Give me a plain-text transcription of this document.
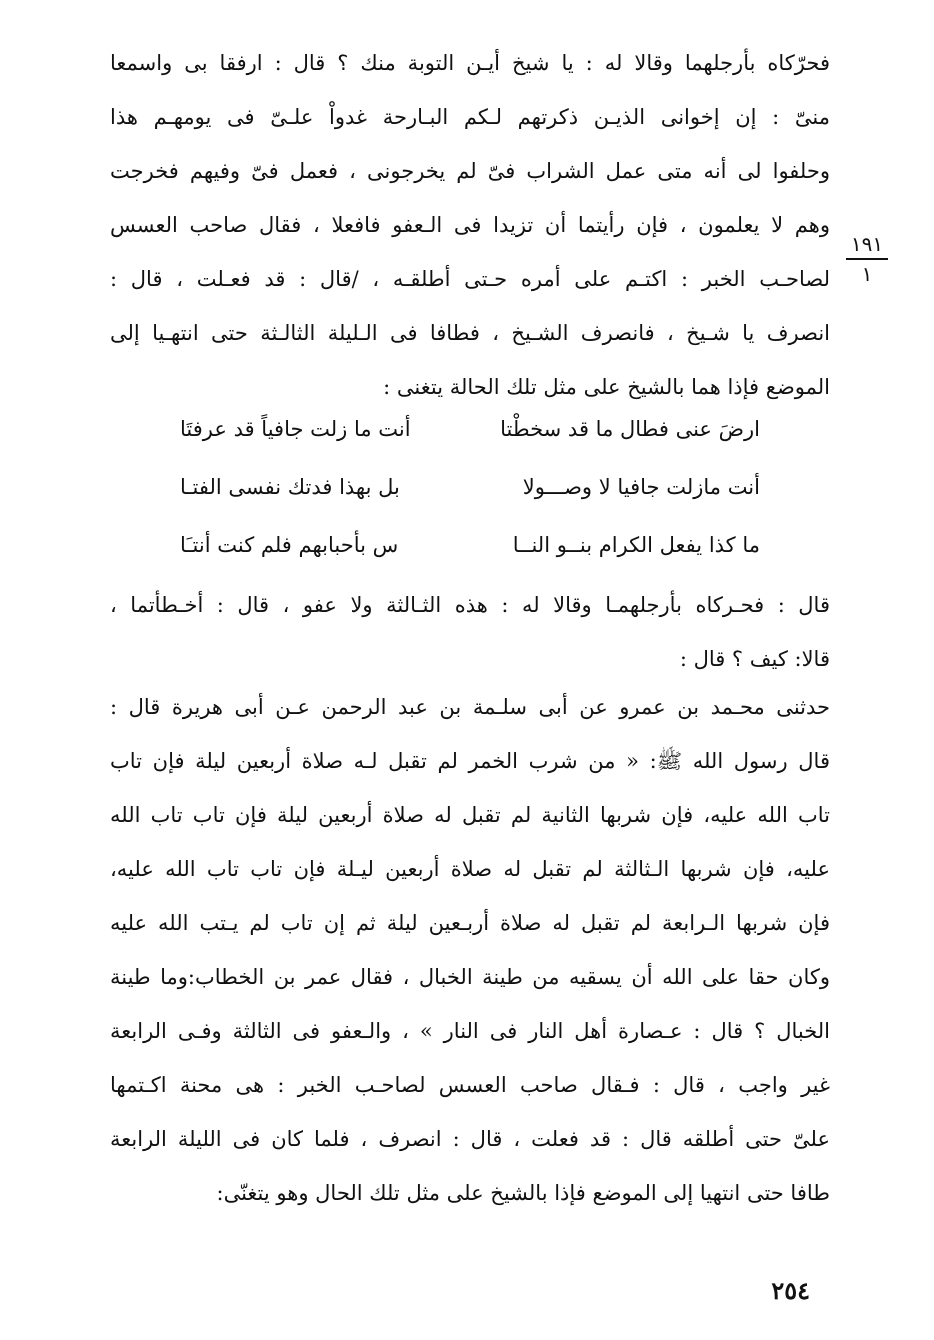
فحرّكاه بأرجلهما وقالا له : يا شيخ أيـن التوبة منك ؟ قال : ارفقا بى واسمعا
منىّ : إن إخوانى الذيـن ذكرتهم لـكم البـارحة غدواْ علـىّ فى يومهـم هذا
وحلفوا لى أنه متى عمل الشراب فىّ لم يخرجونى ، فعمل فىّ وفيهم فخرجت
وهم لا يعلمون ، فإن رأيتما أن تزيدا فى الـعفو فافعلا ، فقال صاحب العسس
لصاحـب الخبر : اكتـم على أمره حـتى أطلقـه ، /قال : قد فعـلت ، قال :
انصرف يا شـيخ ، فانصرف الشـيخ ، فطافا فى الـليلة الثالـثة حتى انتهـيا إلى
الموضع فإذا هما بالشيخ على مثل تلك الحالة يتغنى :
١٩١
١
ارضَ عنى فطال ما قد سخطْتا
أنت ما زلت جافياً قد عرفتَا
أنت مازلت جافيا لا وصـــولا
بل بهذا فدتك نفسى الفتـا
ما كذا يفعل الكرام بنــو النــا
س بأحبابهم فلم كنت أنتـَا
قال : فحـركاه بأرجلهمـا وقالا له : هذه الثـالثة ولا عفو ، قال : أخـطأتما ،
قالا: كيف ؟ قال :
حدثنى محـمد بن عمرو عن أبى سلـمة بن عبد الرحمن عـن أبى هريرة قال :
قال رسول الله ﷺ: « من شرب الخمر لم تقبل لـه صلاة أربعين ليلة فإن تاب
تاب الله عليه، فإن شربها الثانية لم تقبل له صلاة أربعين ليلة فإن تاب تاب الله
عليه، فإن شربها الـثالثة لم تقبل له صلاة أربعين ليـلة فإن تاب تاب الله عليه،
فإن شربها الـرابعة لم تقبل له صلاة أربـعين ليلة ثم إن تاب لم يـتب الله عليه
وكان حقا على الله أن يسقيه من طينة الخبال ، فقال عمر بن الخطاب:وما طينة
الخبال ؟ قال : عـصارة أهل النار فى النار » ، والـعفو فى الثالثة وفـى الرابعة
غير واجب ، قال : فـقال صاحب العسس لصاحـب الخبر : هى محنة اكـتمها
علىّ حتى أطلقه قال : قد فعلت ، قال : انصرف ، فلما كان فى الليلة الرابعة
طافا حتى انتهيا إلى الموضع فإذا بالشيخ على مثل تلك الحال وهو يتغنّى:
٢٥٤
